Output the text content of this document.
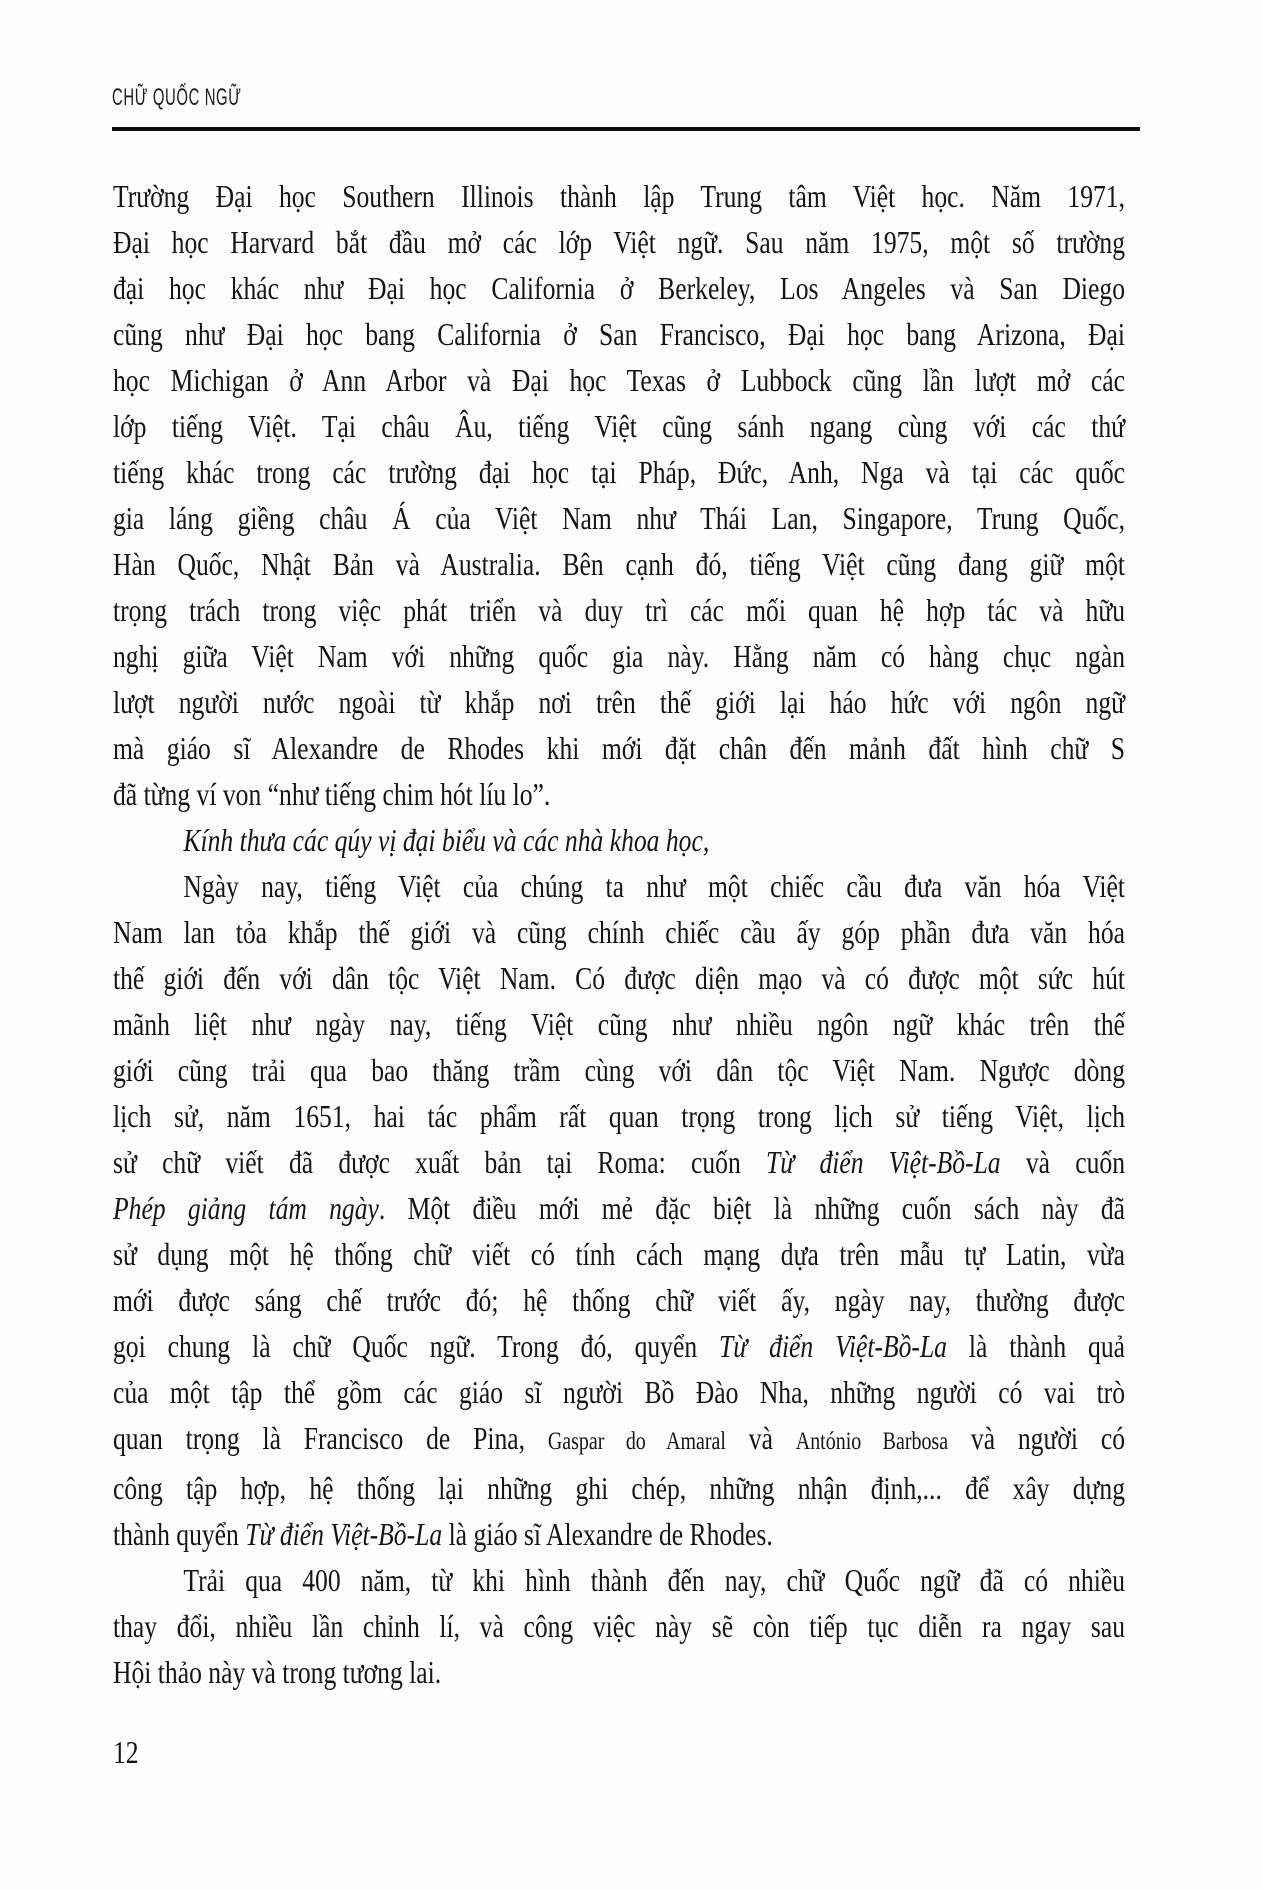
CHỮ QUỐC NGỮ
Trường Đại học Southern Illinois thành lập Trung tâm Việt học. Năm 1971,
Đại học Harvard bắt đầu mở các lớp Việt ngữ. Sau năm 1975, một số trường
đại học khác như Đại học California ở Berkeley, Los Angeles và San Diego
cũng như Đại học bang California ở San Francisco, Đại học bang Arizona, Đại
học Michigan ở Ann Arbor và Đại học Texas ở Lubbock cũng lần lượt mở các
lớp tiếng Việt. Tại châu Âu, tiếng Việt cũng sánh ngang cùng với các thứ
tiếng khác trong các trường đại học tại Pháp, Đức, Anh, Nga và tại các quốc
gia láng giềng châu Á của Việt Nam như Thái Lan, Singapore, Trung Quốc,
Hàn Quốc, Nhật Bản và Australia. Bên cạnh đó, tiếng Việt cũng đang giữ một
trọng trách trong việc phát triển và duy trì các mối quan hệ hợp tác và hữu
nghị giữa Việt Nam với những quốc gia này. Hằng năm có hàng chục ngàn
lượt người nước ngoài từ khắp nơi trên thế giới lại háo hức với ngôn ngữ
mà giáo sĩ Alexandre de Rhodes khi mới đặt chân đến mảnh đất hình chữ S
đã từng ví von “như tiếng chim hót líu lo”.
Kính thưa các qúy vị đại biểu và các nhà khoa học,
Ngày nay, tiếng Việt của chúng ta như một chiếc cầu đưa văn hóa Việt
Nam lan tỏa khắp thế giới và cũng chính chiếc cầu ấy góp phần đưa văn hóa
thế giới đến với dân tộc Việt Nam. Có được diện mạo và có được một sức hút
mãnh liệt như ngày nay, tiếng Việt cũng như nhiều ngôn ngữ khác trên thế
giới cũng trải qua bao thăng trầm cùng với dân tộc Việt Nam. Ngược dòng
lịch sử, năm 1651, hai tác phẩm rất quan trọng trong lịch sử tiếng Việt, lịch
sử chữ viết đã được xuất bản tại Roma: cuốn Từ điển Việt-Bồ-La và cuốn
Phép giảng tám ngày. Một điều mới mẻ đặc biệt là những cuốn sách này đã
sử dụng một hệ thống chữ viết có tính cách mạng dựa trên mẫu tự Latin, vừa
mới được sáng chế trước đó; hệ thống chữ viết ấy, ngày nay, thường được
gọi chung là chữ Quốc ngữ. Trong đó, quyển Từ điển Việt-Bồ-La là thành quả
của một tập thể gồm các giáo sĩ người Bồ Đào Nha, những người có vai trò
quan trọng là Francisco de Pina, Gaspar do Amaral và António Barbosa và người có
công tập hợp, hệ thống lại những ghi chép, những nhận định,... để xây dựng
thành quyển Từ điển Việt-Bồ-La là giáo sĩ Alexandre de Rhodes.
Trải qua 400 năm, từ khi hình thành đến nay, chữ Quốc ngữ đã có nhiều
thay đổi, nhiều lần chỉnh lí, và công việc này sẽ còn tiếp tục diễn ra ngay sau
Hội thảo này và trong tương lai.
12
